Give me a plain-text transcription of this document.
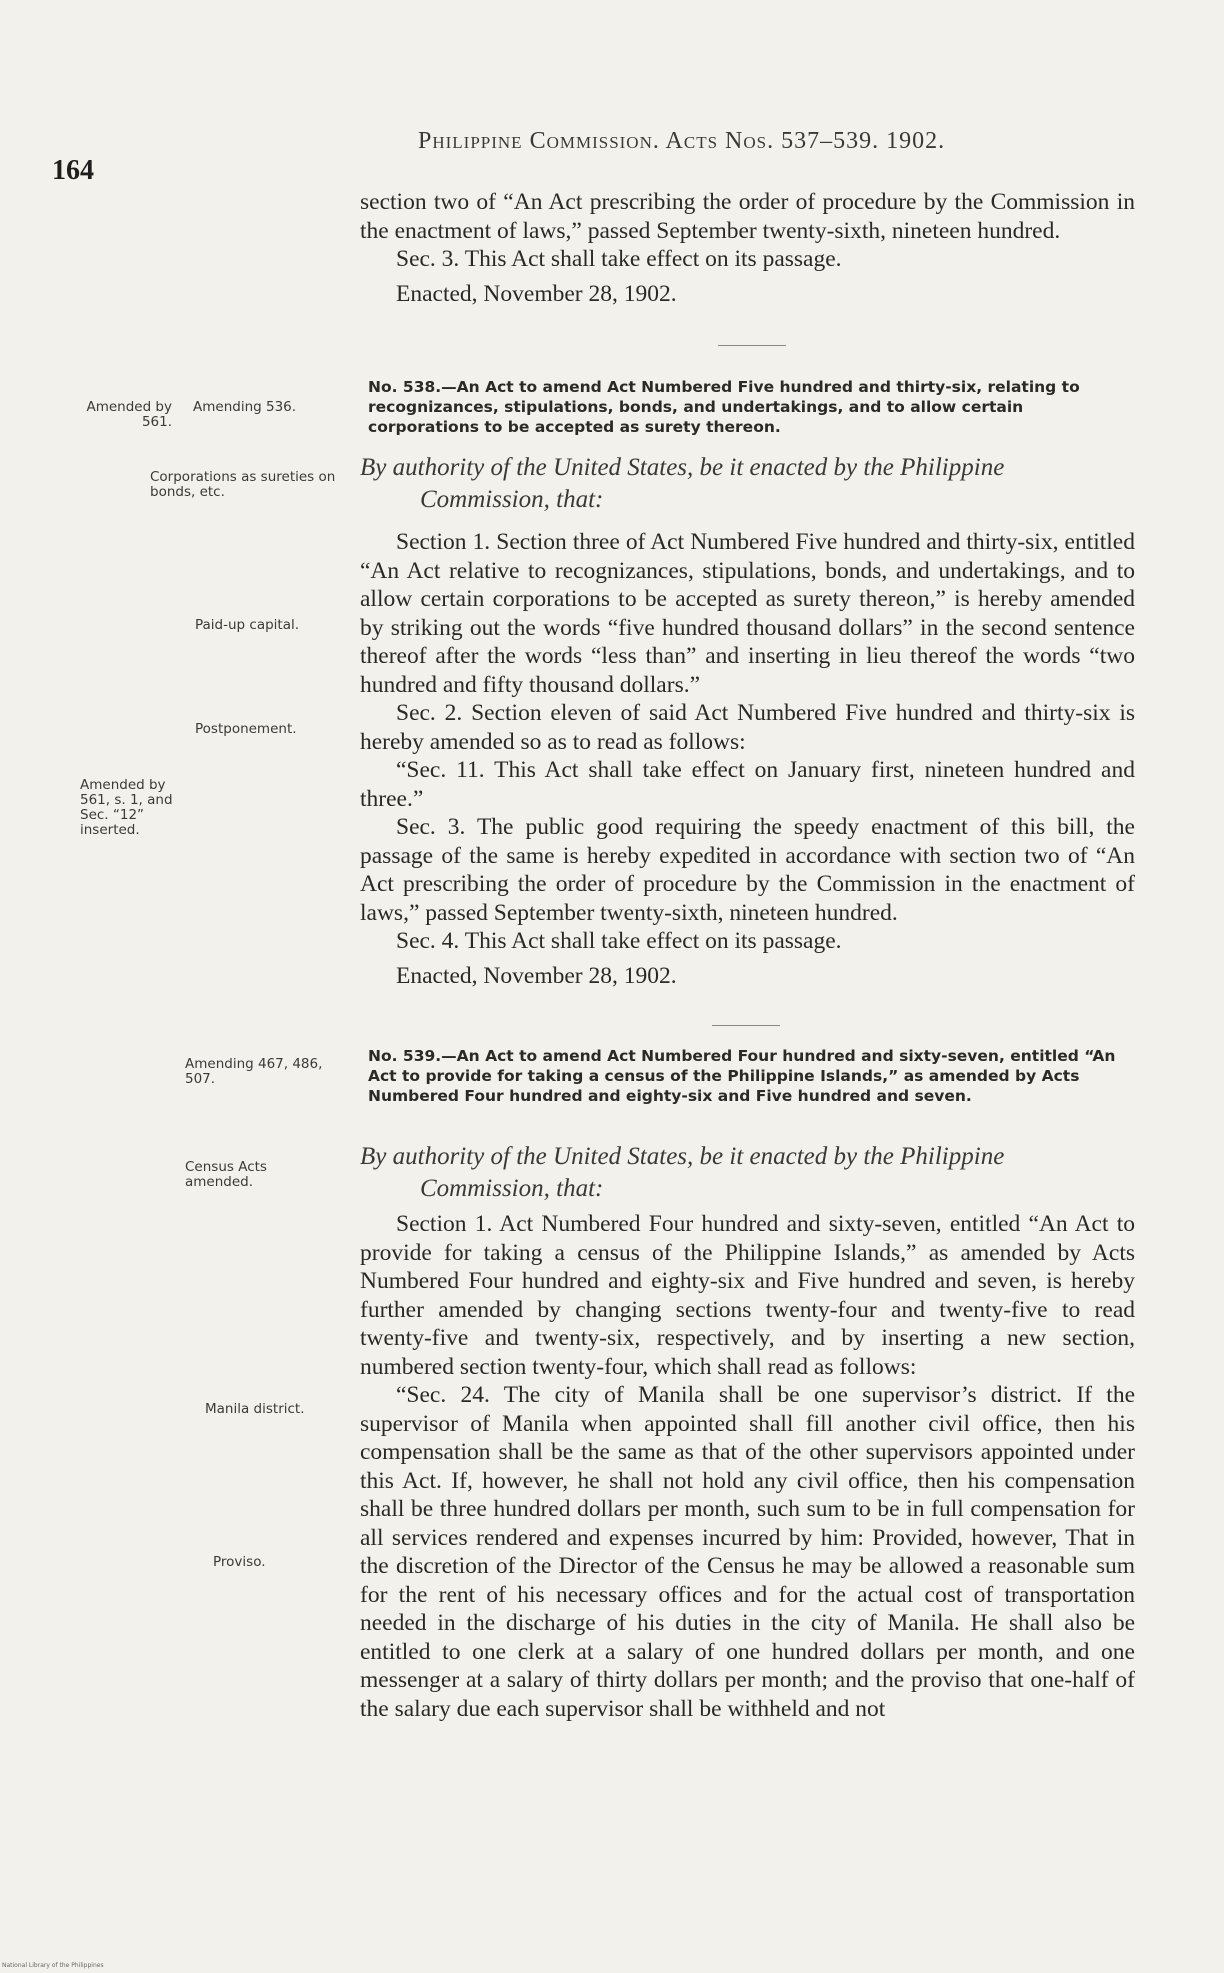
164
Philippine Commission. Acts Nos. 537–539. 1902.

section two of “An Act prescribing the order of procedure by the Commission in the enactment of laws,” passed September twenty-sixth, nineteen hundred.

Sec. 3. This Act shall take effect on its passage.

Enacted, November 28, 1902.

Amended by 561.
Amending 536.
No. 538.—An Act to amend Act Numbered Five hundred and thirty-six, relating to recognizances, stipulations, bonds, and undertakings, and to allow certain corporations to be accepted as surety thereon.
Corporations as sureties on bonds, etc.
By authority of the United States, be it enacted by the Philippine
Commission, that:

Section 1. Section three of Act Numbered Five hundred and thirty-six, entitled “An Act relative to recognizances, stipulations, bonds, and undertakings, and to allow certain corporations to be accepted as surety thereon,” is hereby amended by striking out the words “five hundred thousand dollars” in the second sentence thereof after the words “less than” and inserting in lieu thereof the words “two hundred and fifty thousand dollars.”

Sec. 2. Section eleven of said Act Numbered Five hundred and thirty-six is hereby amended so as to read as follows:

“Sec. 11. This Act shall take effect on January first, nineteen hundred and three.”

Sec. 3. The public good requiring the speedy enactment of this bill, the passage of the same is hereby expedited in accordance with section two of “An Act prescribing the order of procedure by the Commission in the enactment of laws,” passed September twenty-sixth, nineteen hundred.

Sec. 4. This Act shall take effect on its passage.

Enacted, November 28, 1902.

Paid-up capital.
Postponement.
Amended by 561, s. 1, and Sec. “12” inserted.
Amending 467, 486, 507.
No. 539.—An Act to amend Act Numbered Four hundred and sixty-seven, entitled “An Act to provide for taking a census of the Philippine Islands,” as amended by Acts Numbered Four hundred and eighty-six and Five hundred and seven.
Census Acts amended.
By authority of the United States, be it enacted by the Philippine
Commission, that:

Section 1. Act Numbered Four hundred and sixty-seven, entitled “An Act to provide for taking a census of the Philippine Islands,” as amended by Acts Numbered Four hundred and eighty-six and Five hundred and seven, is hereby further amended by changing sections twenty-four and twenty-five to read twenty-five and twenty-six, respectively, and by inserting a new section, numbered section twenty-four, which shall read as follows:

“Sec. 24. The city of Manila shall be one supervisor’s district. If the supervisor of Manila when appointed shall fill another civil office, then his compensation shall be the same as that of the other supervisors appointed under this Act. If, however, he shall not hold any civil office, then his compensation shall be three hundred dollars per month, such sum to be in full compensation for all services rendered and expenses incurred by him: Provided, however, That in the discretion of the Director of the Census he may be allowed a reasonable sum for the rent of his necessary offices and for the actual cost of transportation needed in the discharge of his duties in the city of Manila. He shall also be entitled to one clerk at a salary of one hundred dollars per month, and one messenger at a salary of thirty dollars per month; and the proviso that one-half of the salary due each supervisor shall be withheld and not

Manila district.
Proviso.
National Library of the Philippines
